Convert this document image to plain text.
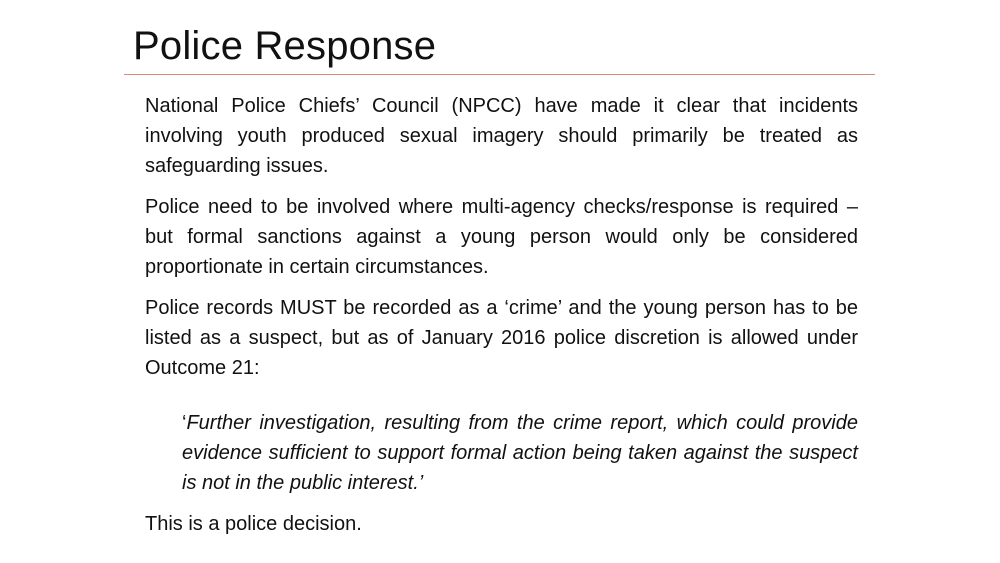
Police Response

National Police Chiefs’ Council (NPCC) have made it clear that incidents involving youth produced sexual imagery should primarily be treated as safeguarding issues.

Police need to be involved where multi-agency checks/response is required – but formal sanctions against a young person would only be considered proportionate in certain circumstances.

Police records MUST be recorded as a ‘crime’ and the young person has to be listed as a suspect, but as of January 2016 police discretion is allowed under Outcome 21:

‘Further investigation, resulting from the crime report, which could provide evidence sufficient to support formal action being taken against the suspect is not in the public interest.’

This is a police decision.
